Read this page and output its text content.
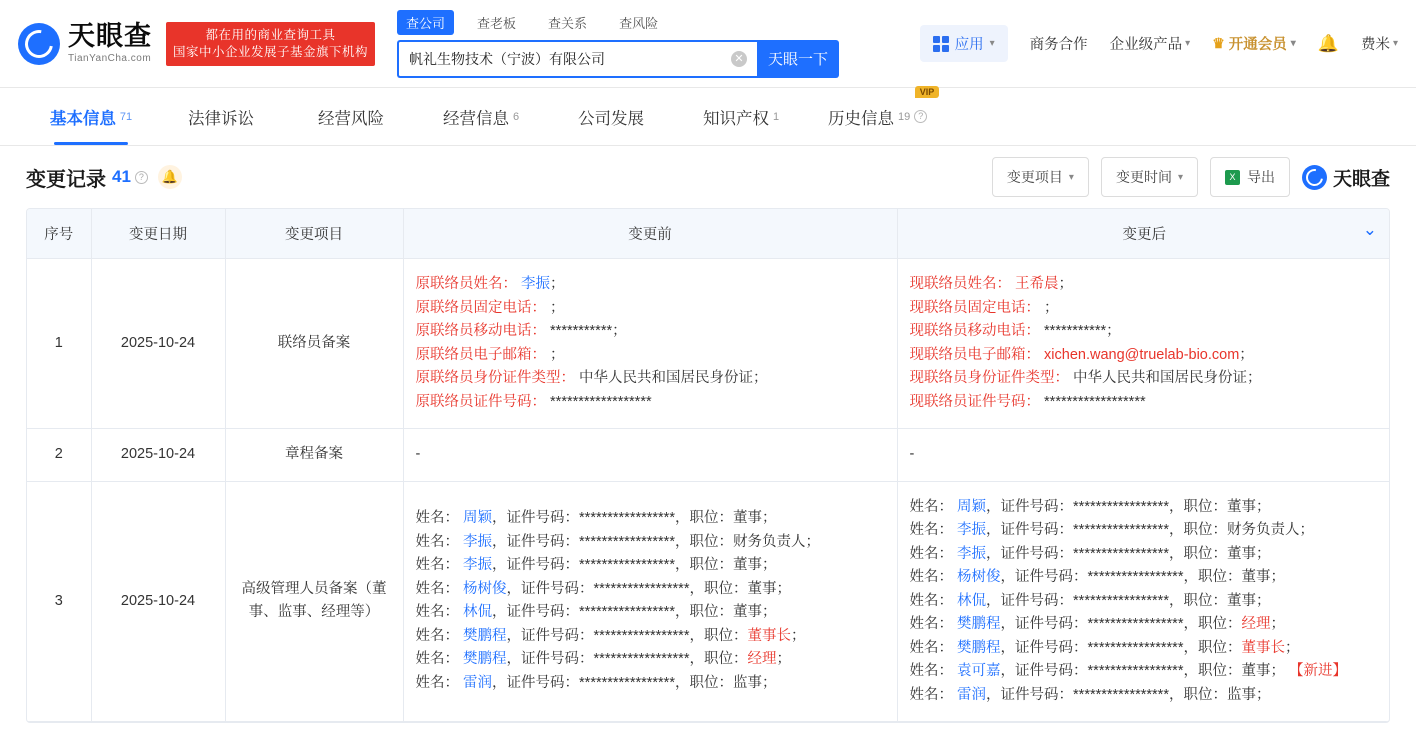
天眼查
TianYanCha.com
都在用的商业查询工具
国家中小企业发展子基金旗下机构
查公司	查老板	查关系	查风险
帆礼生物技术（宁波）有限公司
✕	天眼一下
应用 ▾ 商务合作 企业级产品 ▾ ♛ 开通会员 ▾ 🔔 费米 ▾
基本信息 71	法律诉讼	经营风险	经营信息 6	公司发展	知识产权 1
VIP
历史信息 19 ?
变更记录 41 ?	🔔	变更项目 ▾	变更时间 ▾	X 导出	天眼查
序号	变更日期	变更项目	变更前	变更后 ⌄

1	2025-10-24	联络员备案	
原联络员姓名： 李振；
原联络员固定电话： ；
原联络员移动电话： ***********；
原联络员电子邮箱： ；
原联络员身份证件类型： 中华人民共和国居民身份证；
原联络员证件号码： ******************

现联络员姓名： 王希晨；
现联络员固定电话： ；
现联络员移动电话： ***********；
现联络员电子邮箱： xichen.wang@truelab-bio.com；
现联络员身份证件类型： 中华人民共和国居民身份证；
现联络员证件号码： ******************

2	2025-10-24	章程备案	-	-

3	2025-10-24	高级管理人员备案（董事、监事、经理等）	
姓名： 周颖，证件号码：*****************，职位：董事；
姓名： 李振，证件号码：*****************，职位：财务负责人；
姓名： 李振，证件号码：*****************，职位：董事；
姓名： 杨树俊，证件号码：*****************，职位：董事；
姓名： 林侃，证件号码：*****************，职位：董事；
姓名： 樊鹏程，证件号码：*****************，职位：董事长；
姓名： 樊鹏程，证件号码：*****************，职位：经理；
姓名： 雷润，证件号码：*****************，职位：监事；

姓名： 周颖，证件号码：*****************，职位：董事；
姓名： 李振，证件号码：*****************，职位：财务负责人；
姓名： 李振，证件号码：*****************，职位：董事；
姓名： 杨树俊，证件号码：*****************，职位：董事；
姓名： 林侃，证件号码：*****************，职位：董事；
姓名： 樊鹏程，证件号码：*****************，职位：经理；
姓名： 樊鹏程，证件号码：*****************，职位：董事长；
姓名： 袁可嘉，证件号码：*****************，职位：董事； 【新进】
姓名： 雷润，证件号码：*****************，职位：监事；
